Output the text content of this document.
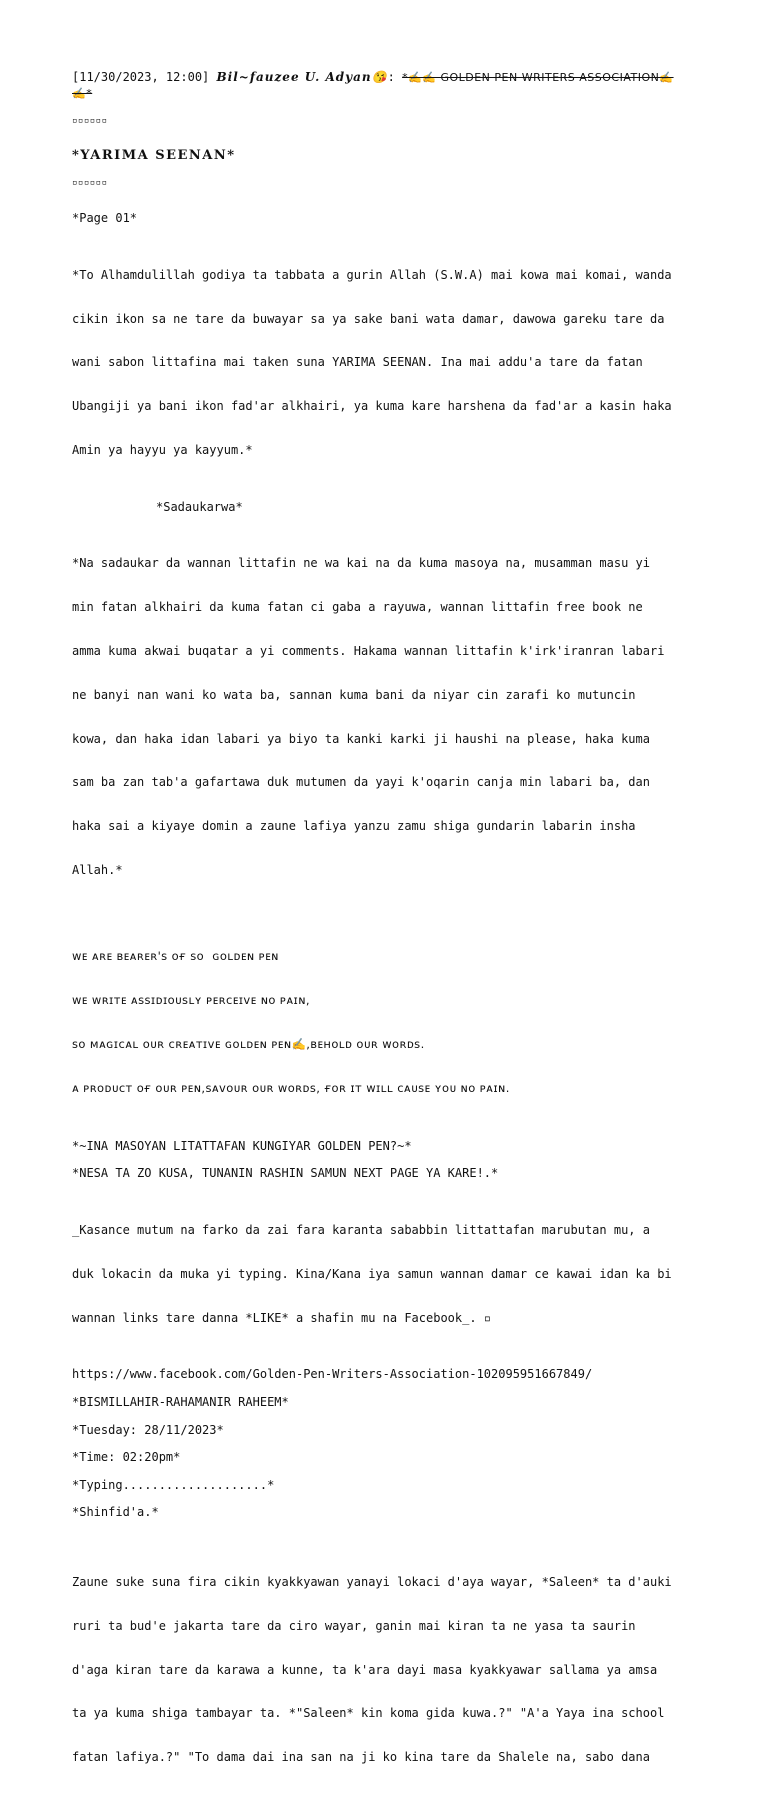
[11/30/2023, 12:00] Bil~fauzee U. Adyan😘: *✍️✍️ GOLDEN PEN WRITERS ASSOCIATION✍️
✍️*
▫▫▫▫▫▫
*YARIMA SEENAN*
▫▫▫▫▫▫
*Page 01*

*To Alhamdulillah godiya ta tabbata a gurin Allah (S.W.A) mai kowa mai komai, wanda

cikin ikon sa ne tare da buwayar sa ya sake bani wata damar, dawowa gareku tare da

wani sabon littafina mai taken suna YARIMA SEENAN. Ina mai addu'a tare da fatan

Ubangiji ya bani ikon fad'ar alkhairi, ya kuma kare harshena da fad'ar a kasin haka

Amin ya hayyu ya kayyum.*

*Sadaukarwa*

*Na sadaukar da wannan littafin ne wa kai na da kuma masoya na, musamman masu yi

min fatan alkhairi da kuma fatan ci gaba a rayuwa, wannan littafin free book ne

amma kuma akwai buqatar a yi comments. Hakama wannan littafin k'irk'iranran labari

ne banyi nan wani ko wata ba, sannan kuma bani da niyar cin zarafi ko mutuncin

kowa, dan haka idan labari ya biyo ta kanki karki ji haushi na please, haka kuma

sam ba zan tab'a gafartawa duk mutumen da yayi k'oqarin canja min labari ba, dan

haka sai a kiyaye domin a zaune lafiya yanzu zamu shiga gundarin labarin insha

Allah.*

ᴡᴇ ᴀʀᴇ ʙᴇᴀʀᴇʀ's ᴏғ sᴏ  ɢᴏʟᴅᴇɴ ᴘᴇɴ

ᴡᴇ ᴡʀɪᴛᴇ ᴀssɪᴅɪᴏᴜsʟʏ ᴘᴇʀᴄᴇɪᴠᴇ ɴᴏ ᴘᴀɪɴ,

sᴏ ᴍᴀɢɪᴄᴀʟ ᴏᴜʀ ᴄʀᴇᴀᴛɪᴠᴇ ɢᴏʟᴅᴇɴ ᴘᴇɴ✍️,ʙᴇʜᴏʟᴅ ᴏᴜʀ ᴡᴏʀᴅs.

ᴀ ᴘʀᴏᴅᴜᴄᴛ ᴏғ ᴏᴜʀ ᴘᴇɴ,sᴀᴠᴏᴜʀ ᴏᴜʀ ᴡᴏʀᴅs, ғᴏʀ ɪᴛ ᴡɪʟʟ ᴄᴀᴜsᴇ ʏᴏᴜ ɴᴏ ᴘᴀɪɴ.

*~INA MASOYAN LITATTAFAN KUNGIYAR GOLDEN PEN?~*
*NESA TA ZO KUSA, TUNANIN RASHIN SAMUN NEXT PAGE YA KARE!.*

_Kasance mutum na farko da zai fara karanta sababbin littattafan marubutan mu, a

duk lokacin da muka yi typing. Kina/Kana iya samun wannan damar ce kawai idan ka bi

wannan links tare danna *LIKE* a shafin mu na Facebook_. ▫

https://www.facebook.com/Golden-Pen-Writers-Association-102095951667849/
*BISMILLAHIR-RAHAMANIR RAHEEM*
*Tuesday: 28/11/2023*
*Time: 02:20pm*
*Typing....................*
*Shinfid'a.*

Zaune suke suna fira cikin kyakkyawan yanayi lokaci d'aya wayar, *Saleen* ta d'auki

ruri ta bud'e jakarta tare da ciro wayar, ganin mai kiran ta ne yasa ta saurin

d'aga kiran tare da karawa a kunne, ta k'ara dayi masa kyakkyawar sallama ya amsa

ta ya kuma shiga tambayar ta. *"Saleen* kin koma gida kuwa.?" "A'a Yaya ina school

fatan lafiya.?" "To dama dai ina san na ji ko kina tare da Shalele na, sabo dana
